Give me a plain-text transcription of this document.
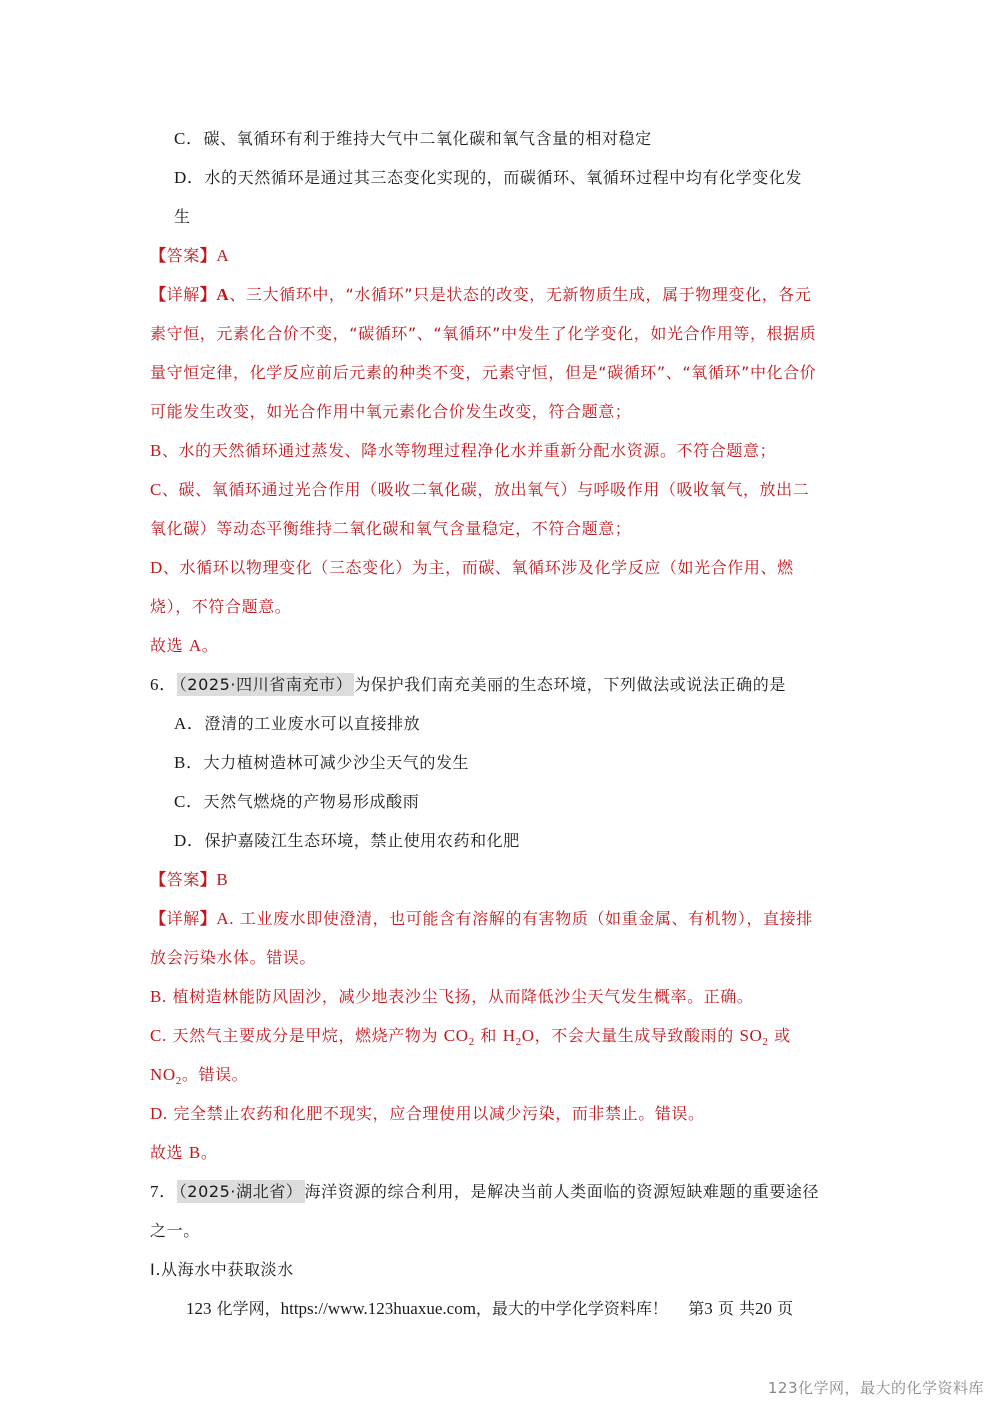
C．碳、氧循环有利于维持大气中二氧化碳和氧气含量的相对稳定
D．水的天然循环是通过其三态变化实现的，而碳循环、氧循环过程中均有化学变化发
生
【答案】A
【详解】A、三大循环中，“水循环”只是状态的改变，无新物质生成，属于物理变化，各元
素守恒，元素化合价不变，“碳循环”、“氧循环”中发生了化学变化，如光合作用等，根据质
量守恒定律，化学反应前后元素的种类不变，元素守恒，但是“碳循环”、“氧循环”中化合价
可能发生改变，如光合作用中氧元素化合价发生改变，符合题意；
B、水的天然循环通过蒸发、降水等物理过程净化水并重新分配水资源。不符合题意；
C、碳、氧循环通过光合作用（吸收二氧化碳，放出氧气）与呼吸作用（吸收氧气，放出二
氧化碳）等动态平衡维持二氧化碳和氧气含量稳定，不符合题意；
D、水循环以物理变化（三态变化）为主，而碳、氧循环涉及化学反应（如光合作用、燃
烧），不符合题意。
故选 A。
6． （2025·四川省南充市） 为保护我们南充美丽的生态环境，下列做法或说法正确的是
A．澄清的工业废水可以直接排放
B．大力植树造林可减少沙尘天气的发生
C．天然气燃烧的产物易形成酸雨
D．保护嘉陵江生态环境，禁止使用农药和化肥
【答案】B
【详解】A. 工业废水即使澄清，也可能含有溶解的有害物质（如重金属、有机物），直接排
放会污染水体。错误。
B. 植树造林能防风固沙，减少地表沙尘飞扬，从而降低沙尘天气发生概率。正确。
C. 天然气主要成分是甲烷，燃烧产物为 $CO_2$ 和 $H_2O$，不会大量生成导致酸雨的 $SO_2$ 或
$NO_2$。错误。
D. 完全禁止农药和化肥不现实，应合理使用以减少污染，而非禁止。错误。
故选 B。
7． （2025·湖北省） 海洋资源的综合利用，是解决当前人类面临的资源短缺难题的重要途径
之一。
I.从海水中获取淡水
123 化学网，https://www.123huaxue.com，最大的中学化学资料库！ 第3 页 共20 页
123化学网，最大的化学资料库
